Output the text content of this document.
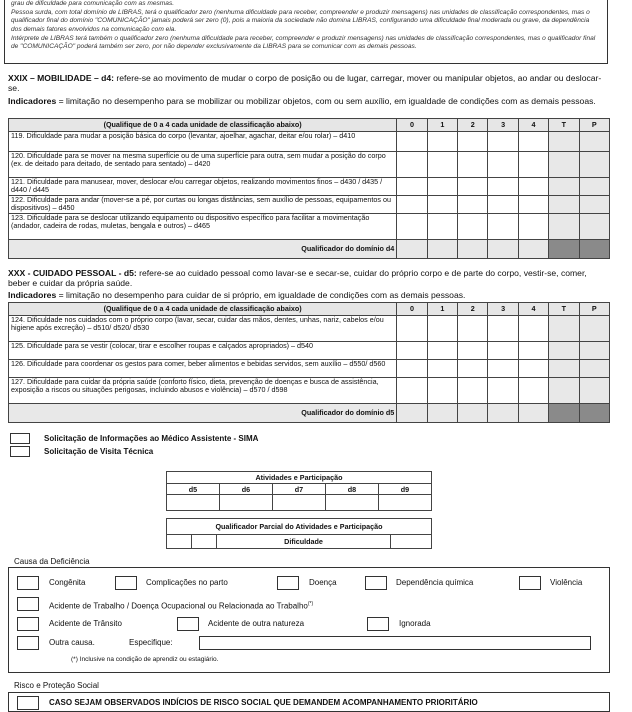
grau de dificuldade para comunicação com as mesmas.

Pessoa surda, com total domínio de LIBRAS, terá o qualificador zero (nenhuma dificuldade para receber, compreender e produzir mensagens) nas unidades de classificação correspondentes, mas o qualificador final do domínio "COMUNICAÇÃO" jamais poderá ser zero (0), pois a maioria da sociedade não domina LIBRAS, configurando uma dificuldade final moderada ou grave, da dependência dos demais fatores envolvidos na comunicação com ela.

Intérprete de LIBRAS terá também o qualificador zero (nenhuma dificuldade para receber, compreender e produzir mensagens) nas unidades de classificação correspondentes, mas o qualificador final de "COMUNICAÇÃO" poderá também ser zero, por não depender exclusivamente da LIBRAS para se comunicar com as demais pessoas.

XXIX – MOBILIDADE – d4: refere-se ao movimento de mudar o corpo de posição ou de lugar, carregar, mover ou manipular objetos, ao andar ou deslocar-se.
Indicadores = limitação no desempenho para se mobilizar ou mobilizar objetos, com ou sem auxílio, em igualdade de condições com as demais pessoas.
(Qualifique de 0 a 4 cada unidade de classificação abaixo)	0	1	2	3	4	T	P
119. Dificuldade para mudar a posição básica do corpo (levantar, ajoelhar, agachar, deitar e/ou rolar) – d410							
120. Dificuldade para se mover na mesma superfície ou de uma superfície para outra, sem mudar a posição do corpo (ex. de deitado para deitado, de sentado para sentado) – d420							
121. Dificuldade para manusear, mover, deslocar e/ou carregar objetos, realizando movimentos finos – d430 / d435 / d440 / d445							
122. Dificuldade para andar (mover-se a pé, por curtas ou longas distâncias, sem auxílio de pessoas, equipamentos ou dispositivos) – d450							
123. Dificuldade para se deslocar utilizando equipamento ou dispositivo específico para facilitar a movimentação (andador, cadeira de rodas, muletas, bengala e outros) – d465							
Qualificador do domínio d4							
XXX - CUIDADO PESSOAL - d5: refere-se ao cuidado pessoal como lavar-se e secar-se, cuidar do próprio corpo e de parte do corpo, vestir-se, comer, beber e cuidar da própria saúde.
Indicadores = limitação no desempenho para cuidar de si próprio, em igualdade de condições com as demais pessoas.
(Qualifique de 0 a 4 cada unidade de classificação abaixo)	0	1	2	3	4	T	P
124. Dificuldade nos cuidados com o próprio corpo (lavar, secar, cuidar das mãos, dentes, unhas, nariz, cabelos e/ou higiene após excreção) – d510/ d520/ d530							
125. Dificuldade para se vestir (colocar, tirar e escolher roupas e calçados apropriados) – d540							
126. Dificuldade para coordenar os gestos para comer, beber alimentos e bebidas servidos, sem auxílio – d550/ d560							
127. Dificuldade para cuidar da própria saúde (conforto físico, dieta, prevenção de doenças e busca de assistência, exposição a riscos ou situações perigosas, incluindo abusos e violência) – d570 / d598							
Qualificador do domínio d5							
Solicitação de Informações ao Médico Assistente - SIMA
Solicitação de Visita Técnica
Atividades e Participação				
d5	d6	d7	d8	d9

Qualificador Parcial do Atividades e Participação
		Dificuldade	
Causa da Deficiência
Congênita	Complicações no parto	Doença	Dependência química	Violência
Acidente de Trabalho / Doença Ocupacional ou Relacionada ao Trabalho(*)
Acidente de Trânsito	Acidente de outra natureza	Ignorada
Outra causa.	Especifique:
(*) Inclusive na condição de aprendiz ou estagiário.
Risco e Proteção Social
CASO SEJAM OBSERVADOS INDÍCIOS DE RISCO SOCIAL QUE DEMANDEM ACOMPANHAMENTO PRIORITÁRIO
